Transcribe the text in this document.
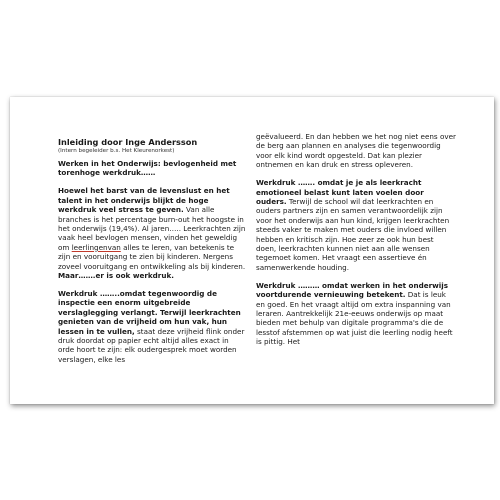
Inleiding door Inge Andersson
(Intern begeleider b.s. Het Kleurenorkest)

Werken in het Onderwijs: bevlogenheid met torenhoge werkdruk……

Hoewel het barst van de levenslust en het talent in het onderwijs blijkt de hoge werkdruk veel stress te geven. Van alle branches is het percentage burn-out het hoogste in het onderwijs (19,4%). Al jaren….. Leerkrachten zijn vaak heel bevlogen mensen, vinden het geweldig om leerlingenvan alles te leren, van betekenis te zijn en vooruitgang te zien bij kinderen. Nergens zoveel vooruitgang en ontwikkeling als bij kinderen. Maar…….er is ook werkdruk.

Werkdruk ……..omdat tegenwoordig de inspectie een enorm uitgebreide verslaglegging verlangt. Terwijl leerkrachten genieten van de vrijheid om hun vak, hun lessen in te vullen, staat deze vrijheid flink onder druk doordat op papier echt altijd alles exact in orde hoort te zijn: elk oudergesprek moet worden verslagen, elke les

geëvalueerd. En dan hebben we het nog niet eens over de berg aan plannen en analyses die tegenwoordig voor elk kind wordt opgesteld. Dat kan plezier ontnemen en kan druk en stress opleveren.

Werkdruk ……. omdat je je als leerkracht emotioneel belast kunt laten voelen door ouders. Terwijl de school wil dat leerkrachten en ouders partners zijn en samen verantwoordelijk zijn voor het onderwijs aan hun kind, krijgen leerkrachten steeds vaker te maken met ouders die invloed willen hebben en kritisch zijn. Hoe zeer ze ook hun best doen, leerkrachten kunnen niet aan alle wensen tegemoet komen. Het vraagt een assertieve én samenwerkende houding.

Werkdruk ……… omdat werken in het onderwijs voortdurende vernieuwing betekent. Dat is leuk en goed. En het vraagt altijd om extra inspanning van leraren. Aantrekkelijk 21e-eeuws onderwijs op maat bieden met behulp van digitale programma's die de lesstof afstemmen op wat juist die leerling nodig heeft is pittig. Het
